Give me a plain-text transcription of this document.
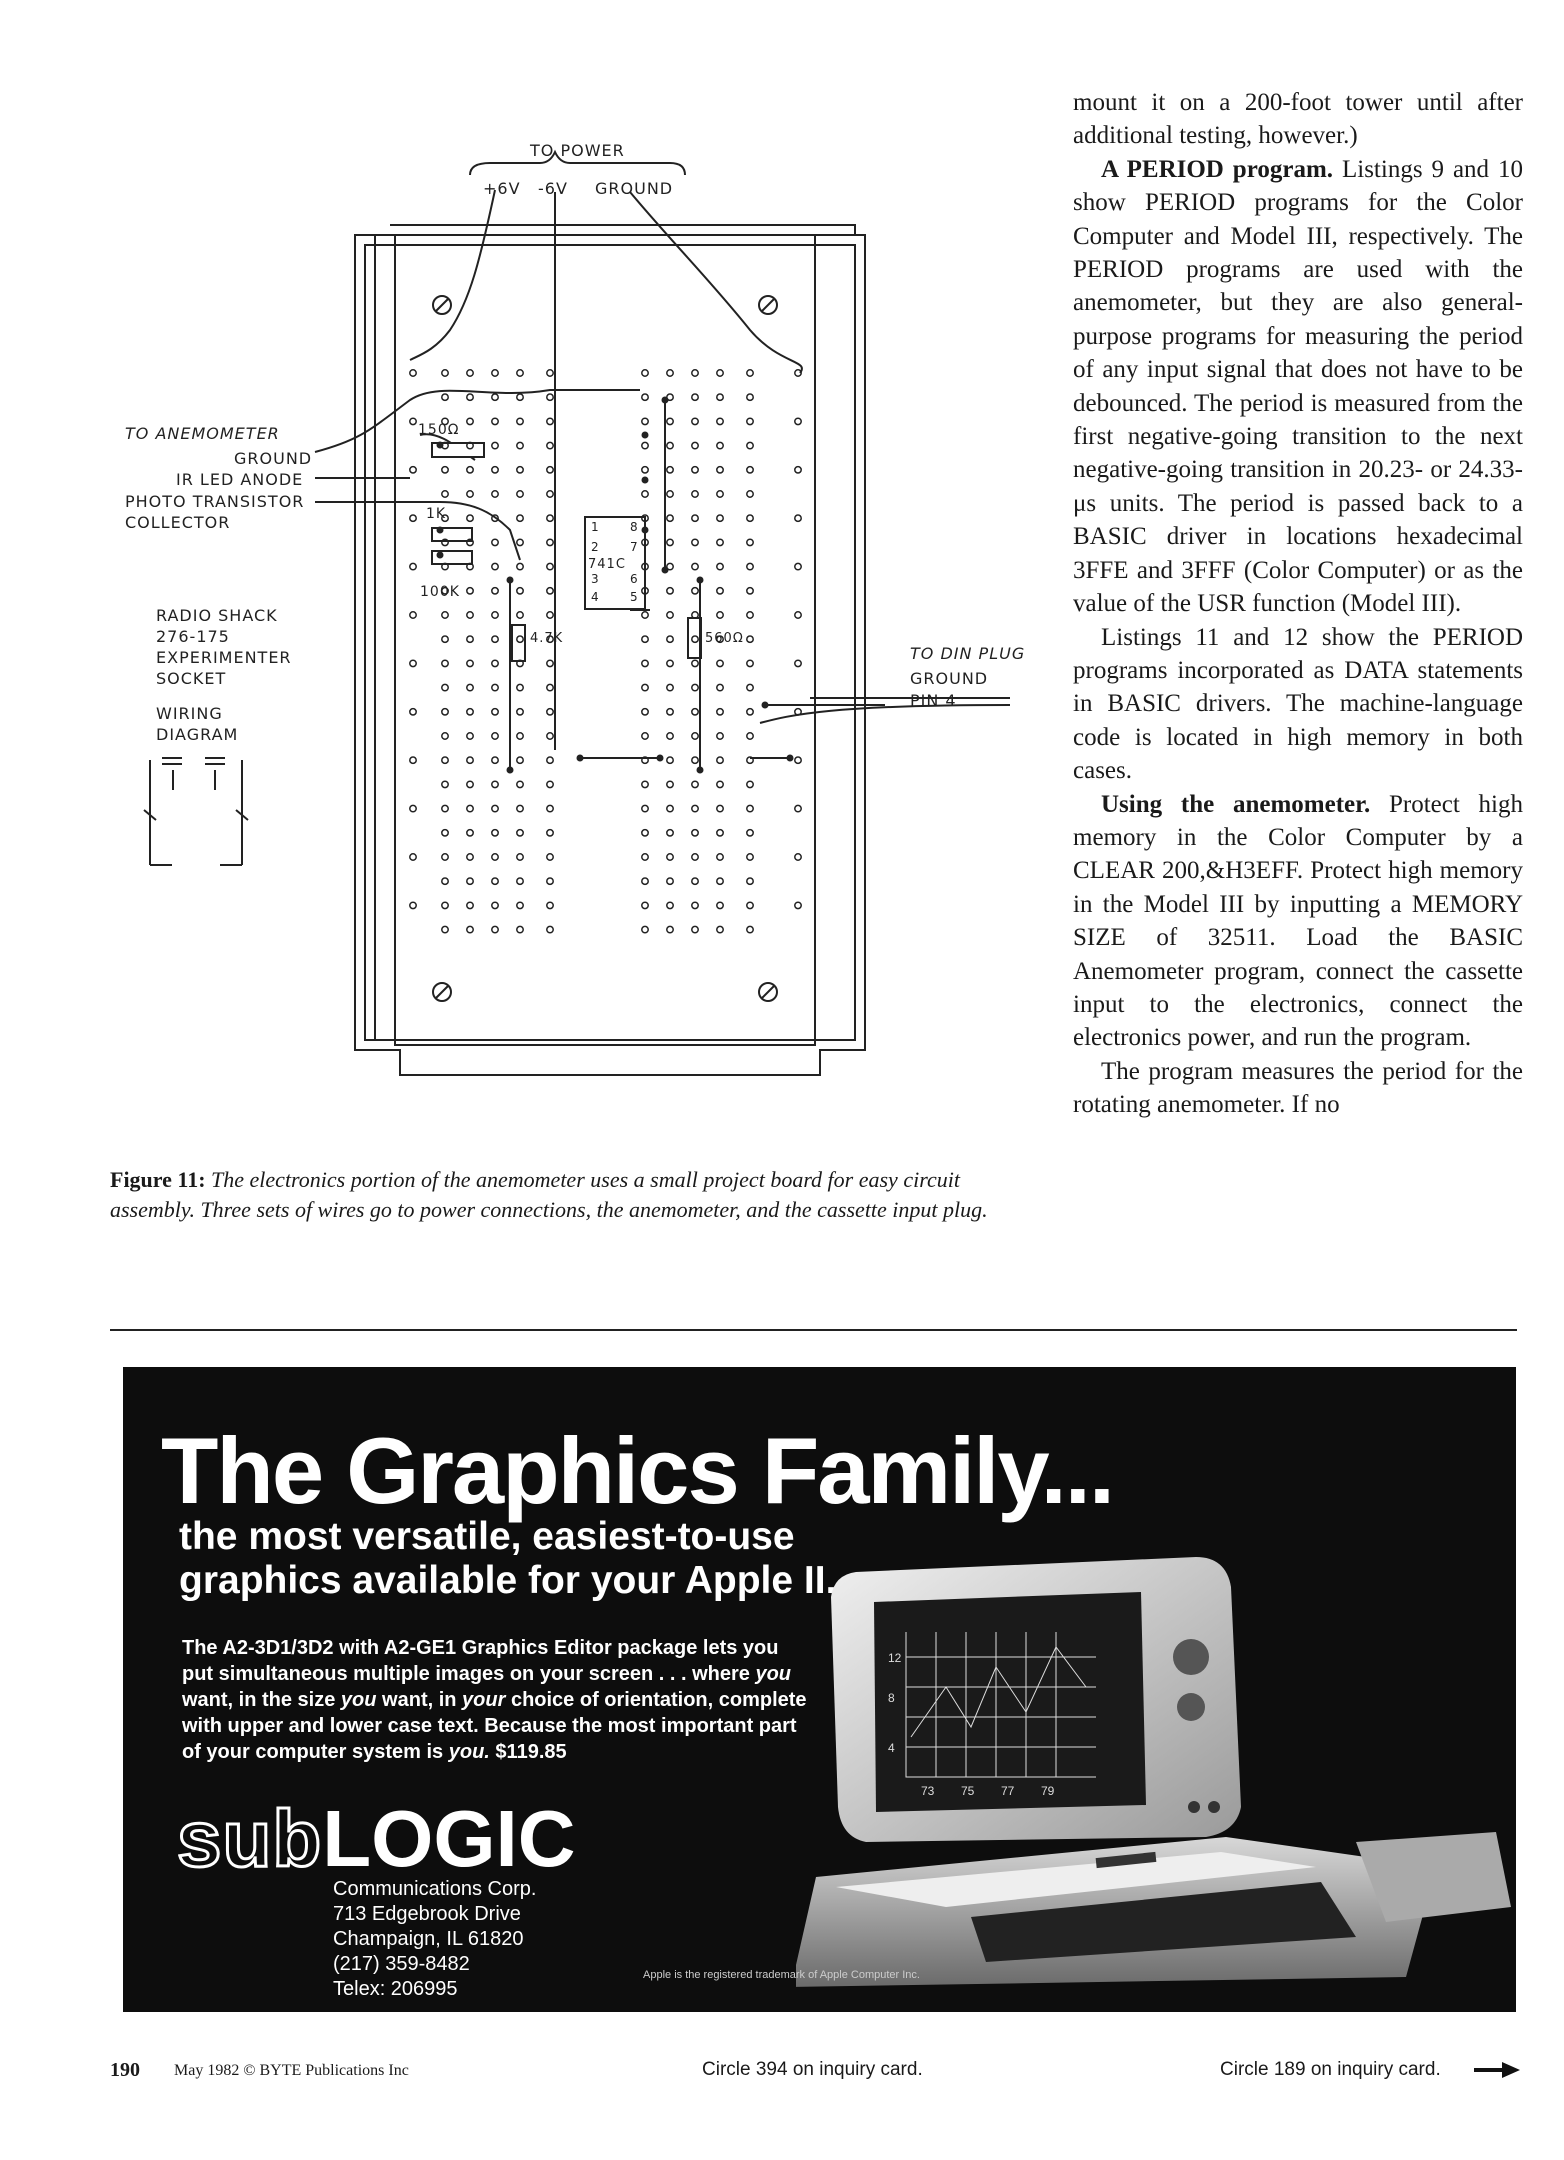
TO POWER
+6V -6V GROUND
TO ANEMOMETER
GROUND
IR LED ANODE
PHOTO TRANSISTOR
COLLECTOR
RADIO SHACK
276-175
EXPERIMENTER
SOCKET
WIRING
DIAGRAM
150Ω
1K
100K
4.7K	560Ω
741C
1
2
3
4
8
7
6
5
TO DIN PLUG
GROUND
PIN 4

mount it on a 200-foot tower until after additional testing, however.)

A PERIOD program. Listings 9 and 10 show PERIOD programs for the Color Computer and Model III, respectively. The PERIOD programs are used with the anemometer, but they are also general-purpose programs for measuring the period of any input signal that does not have to be debounced. The period is measured from the first negative-going transition to the next negative-going transition in 20.23- or 24.33-μs units. The period is passed back to a BASIC driver in locations hexadecimal 3FFE and 3FFF (Color Computer) or as the value of the USR function (Model III).

Listings 11 and 12 show the PERIOD programs incorporated as DATA statements in BASIC drivers. The machine-language code is located in high memory in both cases.

Using the anemometer. Protect high memory in the Color Computer by a CLEAR 200,&H3EFF. Protect high memory in the Model III by inputting a MEMORY SIZE of 32511. Load the BASIC Anemometer program, connect the cassette input to the electronics, connect the electronics power, and run the program.

The program measures the period for the rotating anemometer. If no

Figure 11: The electronics portion of the anemometer uses a small project board for easy circuit assembly. Three sets of wires go to power connections, the anemometer, and the cassette input plug.
The Graphics Family...
the most versatile, easiest-to-use
graphics available for your Apple II.
The A2-3D1/3D2 with A2-GE1 Graphics Editor package lets you
put simultaneous multiple images on your screen . . . where you
want, in the size you want, in your choice of orientation, complete
with upper and lower case text. Because the most important part
of your computer system is you. $119.85
subLOGIC
Communications Corp.
713 Edgebrook Drive
Champaign, IL 61820
(217) 359-8482
Telex: 206995
12
8
4
73 75 77 79
Apple is the registered trademark of Apple Computer Inc.
190 May 1982 © BYTE Publications Inc	Circle 394 on inquiry card.	Circle 189 on inquiry card.
